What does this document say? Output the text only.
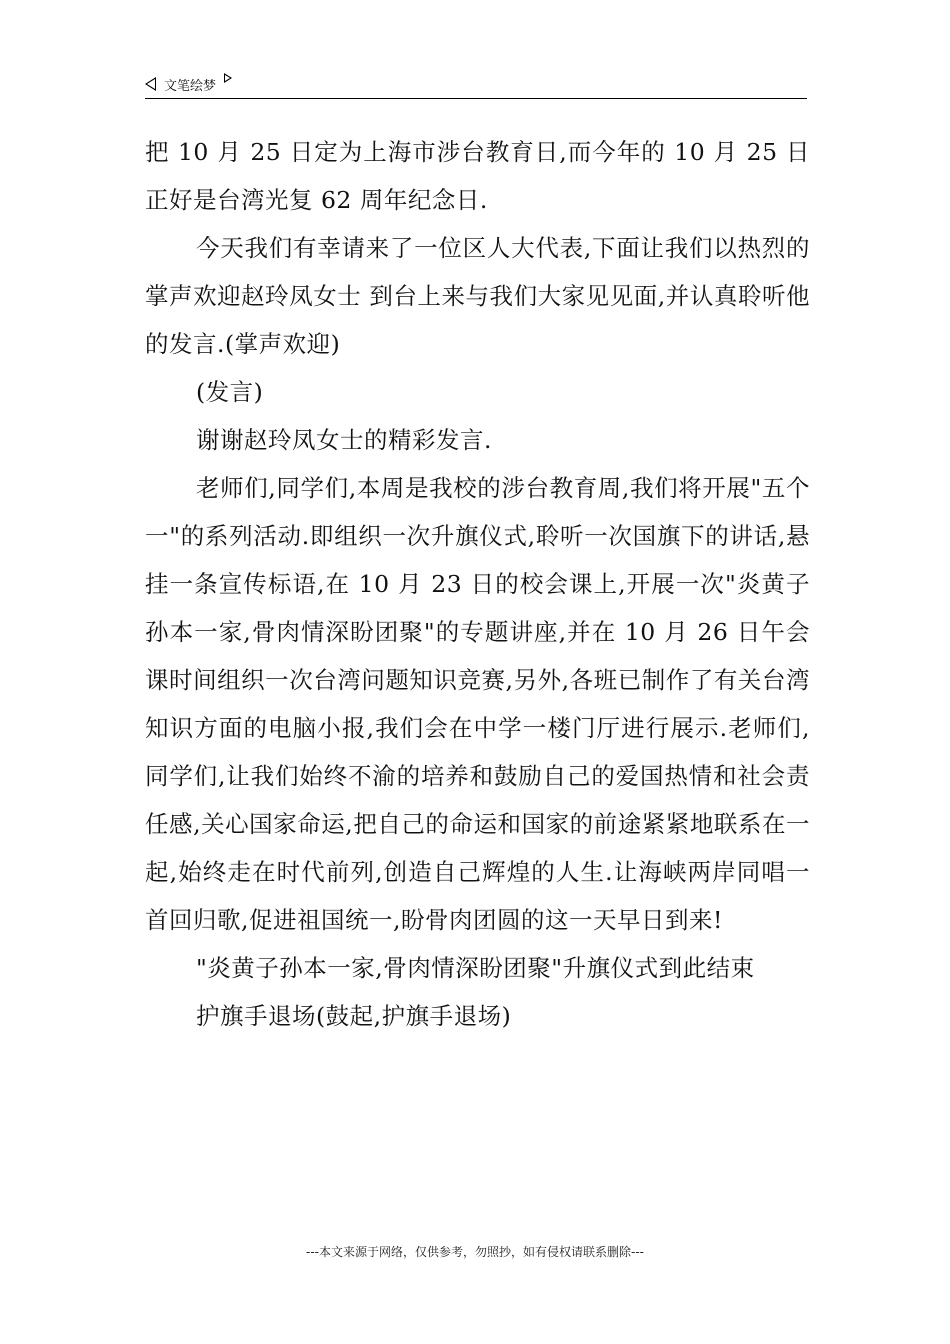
文笔绘梦

把 10 月 25 日定为上海市涉台教育日,而今年的 10 月 25 日正好是台湾光复 62 周年纪念日.

今天我们有幸请来了一位区人大代表,下面让我们以热烈的掌声欢迎赵玲凤女士 到台上来与我们大家见见面,并认真聆听他的发言.(掌声欢迎)

(发言)

谢谢赵玲凤女士的精彩发言.

老师们,同学们,本周是我校的涉台教育周,我们将开展"五个一"的系列活动.即组织一次升旗仪式,聆听一次国旗下的讲话,悬挂一条宣传标语,在 10 月 23 日的校会课上,开展一次"炎黄子孙本一家,骨肉情深盼团聚"的专题讲座,并在 10 月 26 日午会课时间组织一次台湾问题知识竞赛,另外,各班已制作了有关台湾知识方面的电脑小报,我们会在中学一楼门厅进行展示.老师们,同学们,让我们始终不渝的培养和鼓励自己的爱国热情和社会责任感,关心国家命运,把自己的命运和国家的前途紧紧地联系在一起,始终走在时代前列,创造自己辉煌的人生.让海峡两岸同唱一首回归歌,促进祖国统一,盼骨肉团圆的这一天早日到来!

"炎黄子孙本一家,骨肉情深盼团聚"升旗仪式到此结束

护旗手退场(鼓起,护旗手退场)

---本文来源于网络，仅供参考，勿照抄，如有侵权请联系删除---
